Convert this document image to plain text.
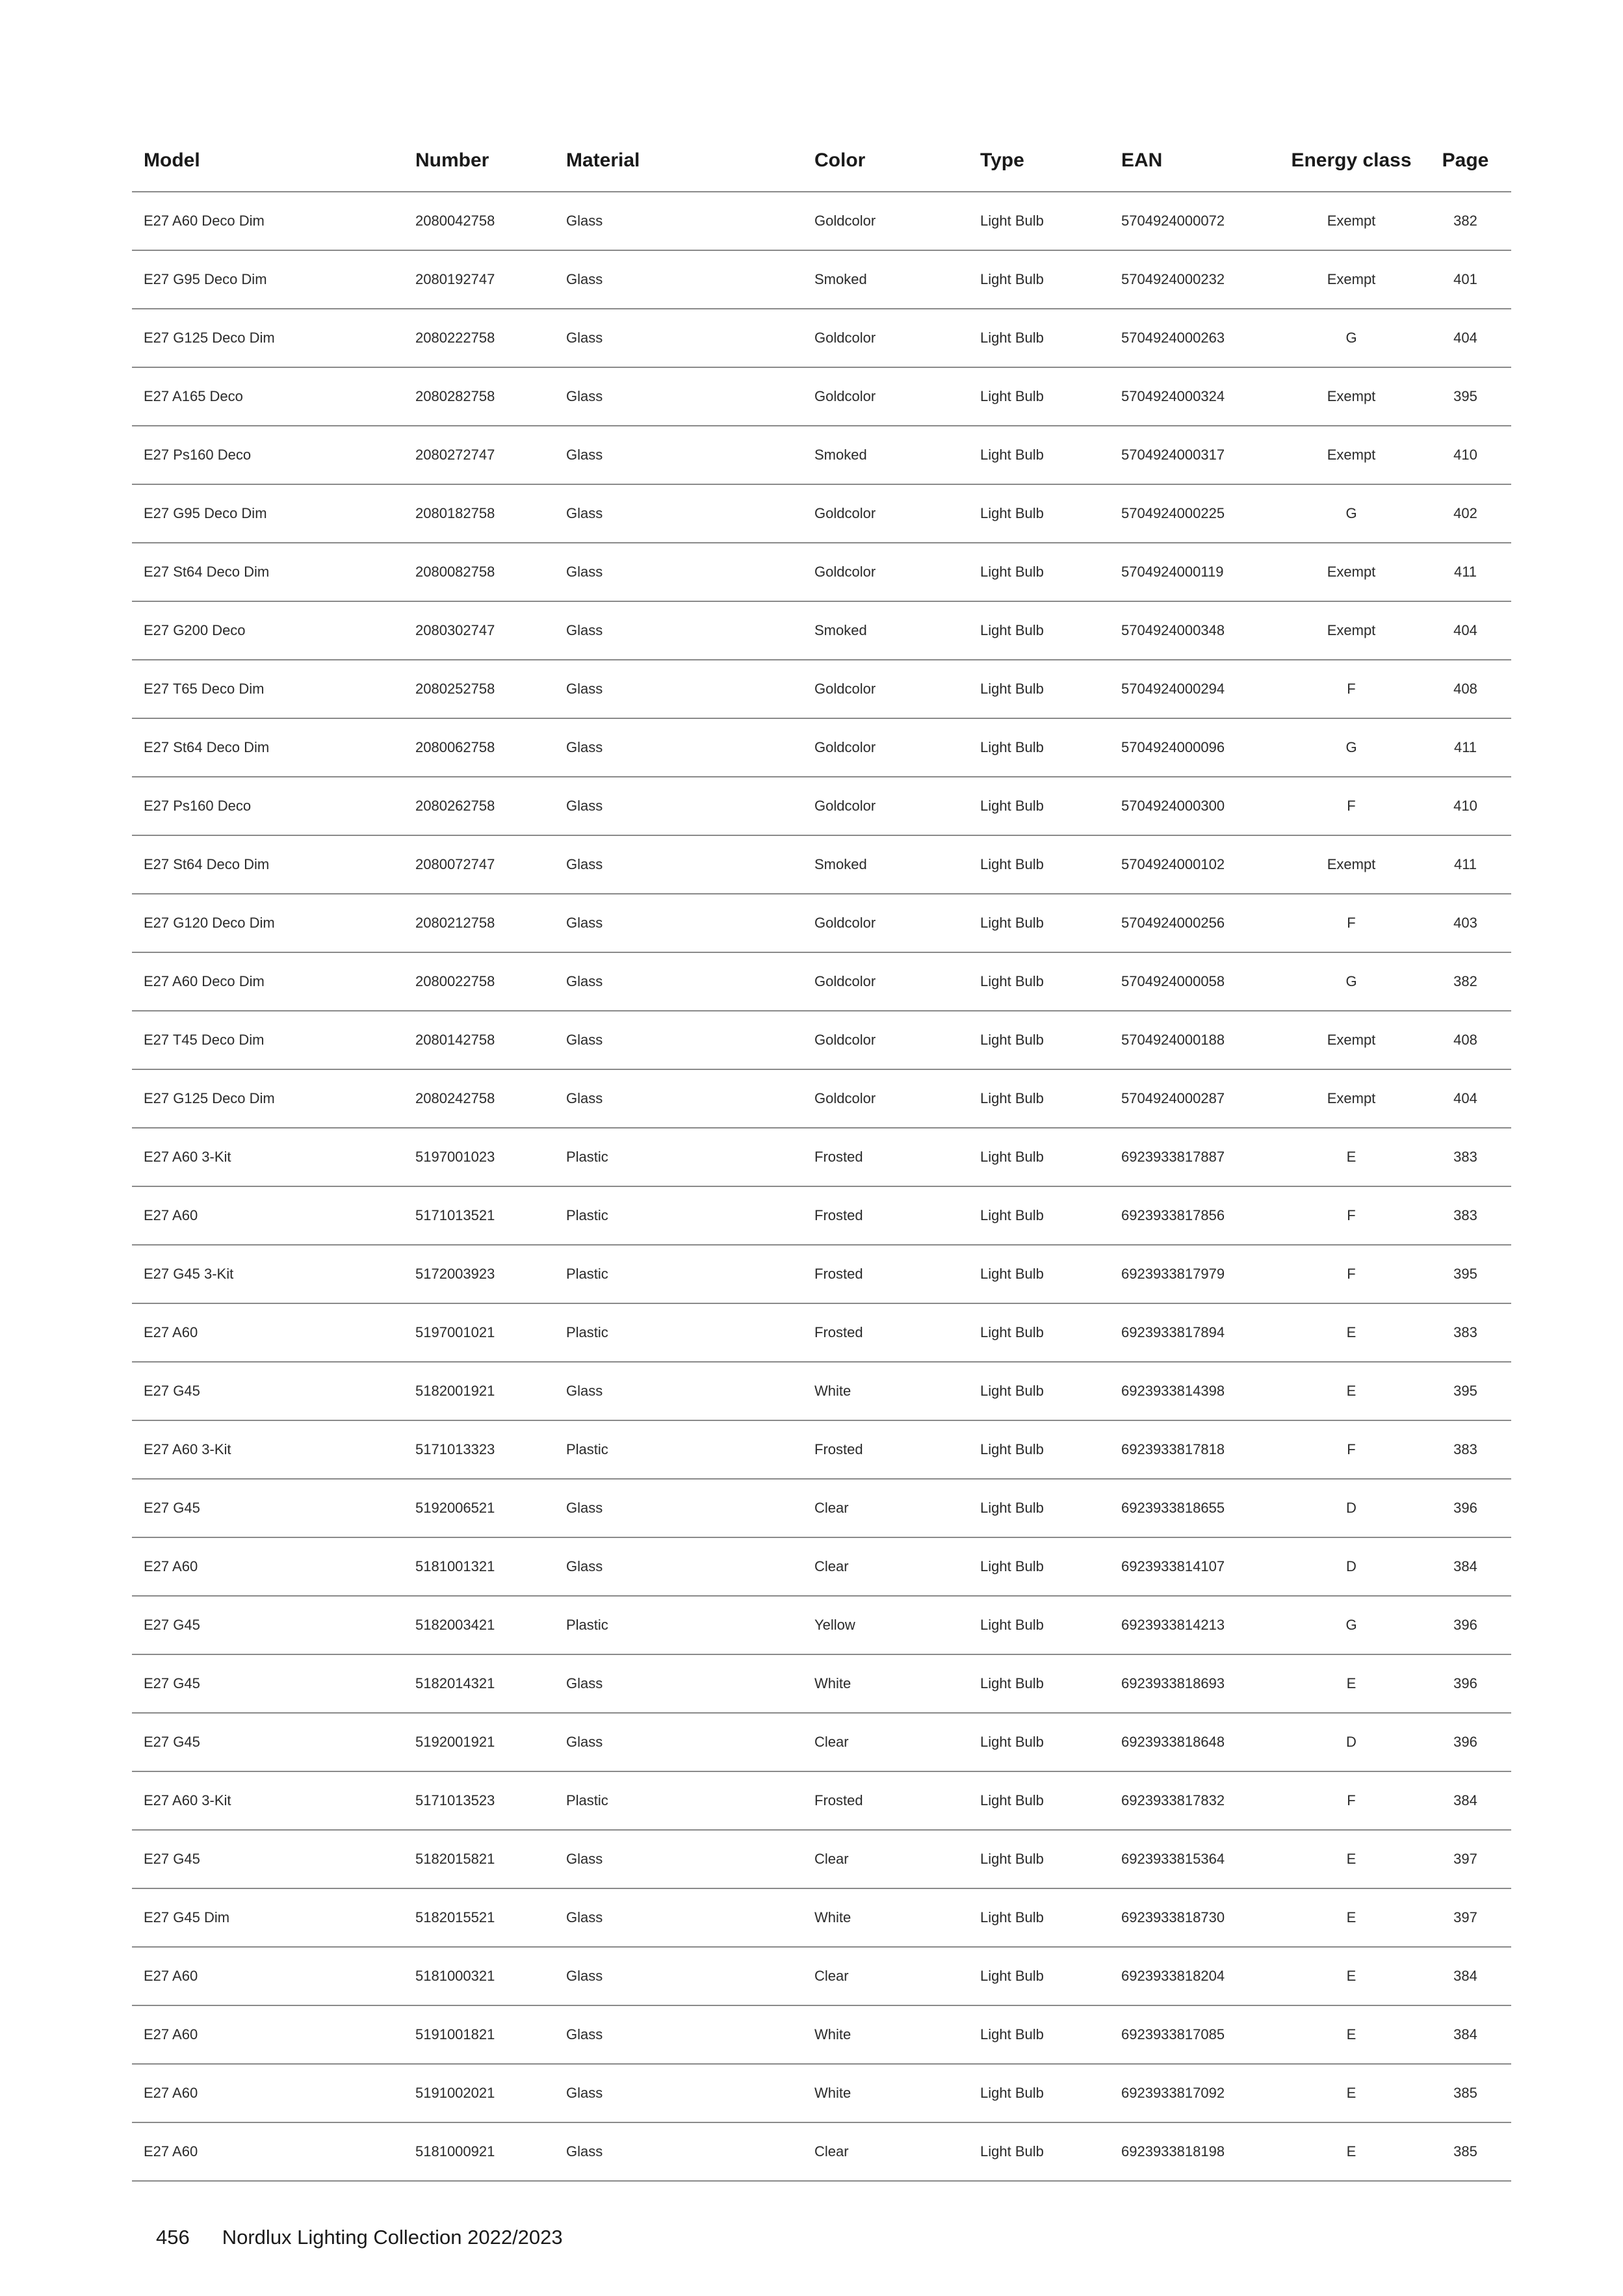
Model	Number	Material	Color	Type	EAN	Energy class	Page
E27 A60 Deco Dim	2080042758	Glass	Goldcolor	Light Bulb	5704924000072	Exempt	382
E27 G95 Deco Dim	2080192747	Glass	Smoked	Light Bulb	5704924000232	Exempt	401
E27 G125 Deco Dim	2080222758	Glass	Goldcolor	Light Bulb	5704924000263	G	404
E27 A165 Deco	2080282758	Glass	Goldcolor	Light Bulb	5704924000324	Exempt	395
E27 Ps160 Deco	2080272747	Glass	Smoked	Light Bulb	5704924000317	Exempt	410
E27 G95 Deco Dim	2080182758	Glass	Goldcolor	Light Bulb	5704924000225	G	402
E27 St64 Deco Dim	2080082758	Glass	Goldcolor	Light Bulb	5704924000119	Exempt	411
E27 G200 Deco	2080302747	Glass	Smoked	Light Bulb	5704924000348	Exempt	404
E27 T65 Deco Dim	2080252758	Glass	Goldcolor	Light Bulb	5704924000294	F	408
E27 St64 Deco Dim	2080062758	Glass	Goldcolor	Light Bulb	5704924000096	G	411
E27 Ps160 Deco	2080262758	Glass	Goldcolor	Light Bulb	5704924000300	F	410
E27 St64 Deco Dim	2080072747	Glass	Smoked	Light Bulb	5704924000102	Exempt	411
E27 G120 Deco Dim	2080212758	Glass	Goldcolor	Light Bulb	5704924000256	F	403
E27 A60 Deco Dim	2080022758	Glass	Goldcolor	Light Bulb	5704924000058	G	382
E27 T45 Deco Dim	2080142758	Glass	Goldcolor	Light Bulb	5704924000188	Exempt	408
E27 G125 Deco Dim	2080242758	Glass	Goldcolor	Light Bulb	5704924000287	Exempt	404
E27 A60 3-Kit	5197001023	Plastic	Frosted	Light Bulb	6923933817887	E	383
E27 A60	5171013521	Plastic	Frosted	Light Bulb	6923933817856	F	383
E27 G45 3-Kit	5172003923	Plastic	Frosted	Light Bulb	6923933817979	F	395
E27 A60	5197001021	Plastic	Frosted	Light Bulb	6923933817894	E	383
E27 G45	5182001921	Glass	White	Light Bulb	6923933814398	E	395
E27 A60 3-Kit	5171013323	Plastic	Frosted	Light Bulb	6923933817818	F	383
E27 G45	5192006521	Glass	Clear	Light Bulb	6923933818655	D	396
E27 A60	5181001321	Glass	Clear	Light Bulb	6923933814107	D	384
E27 G45	5182003421	Plastic	Yellow	Light Bulb	6923933814213	G	396
E27 G45	5182014321	Glass	White	Light Bulb	6923933818693	E	396
E27 G45	5192001921	Glass	Clear	Light Bulb	6923933818648	D	396
E27 A60 3-Kit	5171013523	Plastic	Frosted	Light Bulb	6923933817832	F	384
E27 G45	5182015821	Glass	Clear	Light Bulb	6923933815364	E	397
E27 G45 Dim	5182015521	Glass	White	Light Bulb	6923933818730	E	397
E27 A60	5181000321	Glass	Clear	Light Bulb	6923933818204	E	384
E27 A60	5191001821	Glass	White	Light Bulb	6923933817085	E	384
E27 A60	5191002021	Glass	White	Light Bulb	6923933817092	E	385
E27 A60	5181000921	Glass	Clear	Light Bulb	6923933818198	E	385
456 Nordlux Lighting Collection 2022/2023
